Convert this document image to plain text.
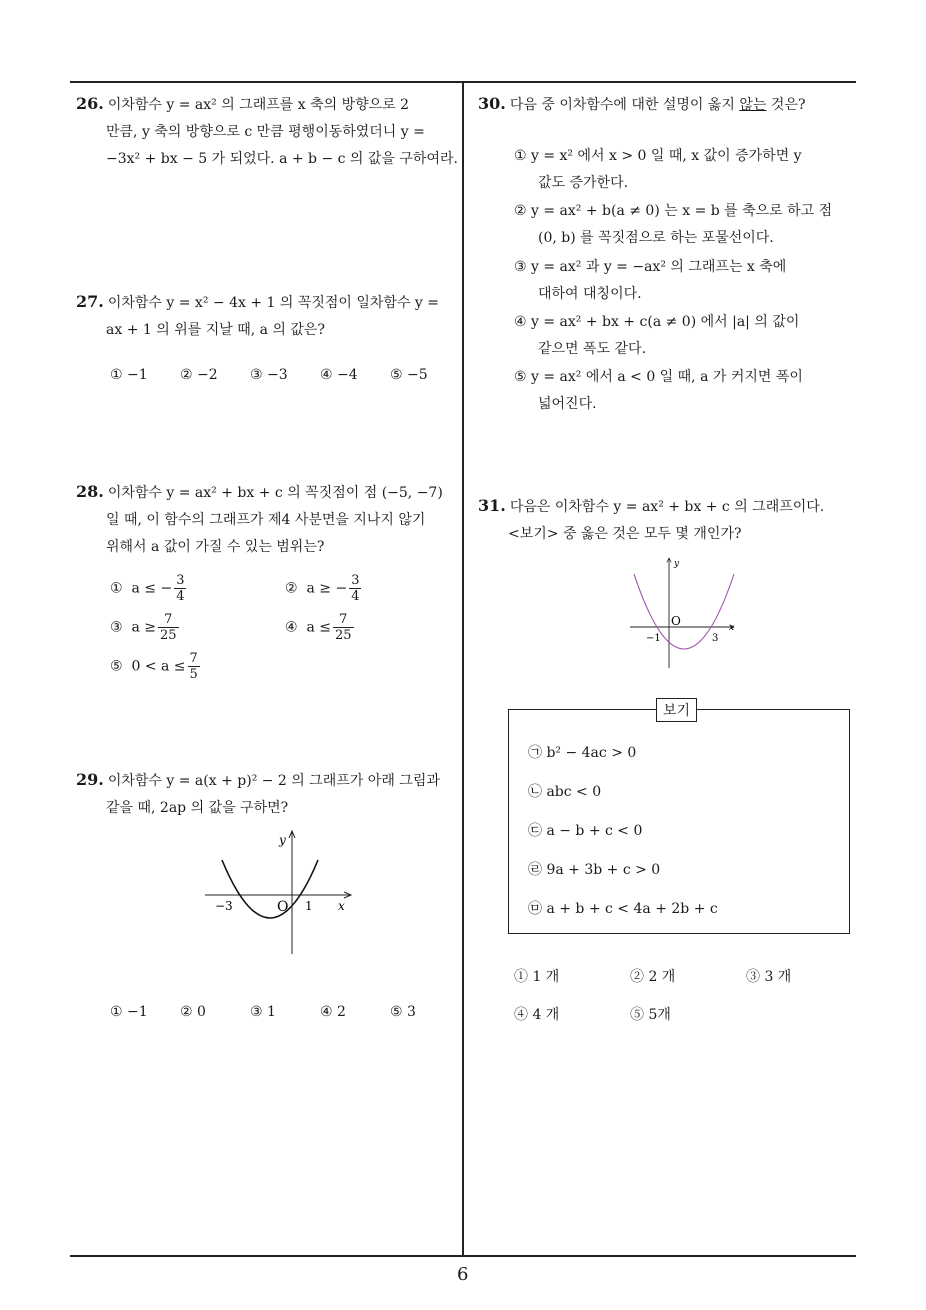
26. 이차함수 y = ax² 의 그래프를 x 축의 방향으로 2
만큼, y 축의 방향으로 c 만큼 평행이동하였더니 y =
−3x² + bx − 5 가 되었다. a + b − c 의 값을 구하여라.
27. 이차함수 y = x² − 4x + 1 의 꼭짓점이 일차함수 y =
ax + 1 의 위를 지날 때, a 의 값은?
① −1 ② −2 ③ −3 ④ −4 ⑤ −5
28. 이차함수 y = ax² + bx + c 의 꼭짓점이 점 (−5, −7)
일 때, 이 함수의 그래프가 제4 사분면을 지나지 않기
위해서 a 값이 가질 수 있는 범위는?
① a ≤ − $\frac{3}{4}$	② a ≥ − $\frac{3}{4}$
③ $a \ge \frac{7}{25}$	④ $a \le \frac{7}{25}$
⑤ $0 < a \le \frac{7}{5}$
29. 이차함수 y = a(x + p)² − 2 의 그래프가 아래 그림과
같을 때, 2ap 의 값을 구하면?
y
x
O
−3	1
① −1 ② 0	③ 1	④ 2	⑤ 3
30. 다음 중 이차함수에 대한 설명이 옳지 않는 것은?
① y = x² 에서 x > 0 일 때, x 값이 증가하면 y
값도 증가한다.
② y = ax² + b(a ≠ 0) 는 x = b 를 축으로 하고 점
(0, b) 를 꼭짓점으로 하는 포물선이다.
③ y = ax² 과 y = −ax² 의 그래프는 x 축에
대하여 대칭이다.
④ y = ax² + bx + c(a ≠ 0) 에서 |a| 의 값이
같으면 폭도 같다.
⑤ y = ax² 에서 a < 0 일 때, a 가 커지면 폭이
넓어진다.
31. 다음은 이차함수 y = ax² + bx + c 의 그래프이다.
<보기> 중 옳은 것은 모두 몇 개인가?
y
x
O
−1	3
보기
㉠ b² − 4ac > 0
㉡ abc < 0
㉢ a − b + c < 0
㉣ 9a + 3b + c > 0
㉤ a + b + c < 4a + 2b + c
① 1 개	② 2 개	③ 3 개
④ 4 개	⑤ 5개
6
